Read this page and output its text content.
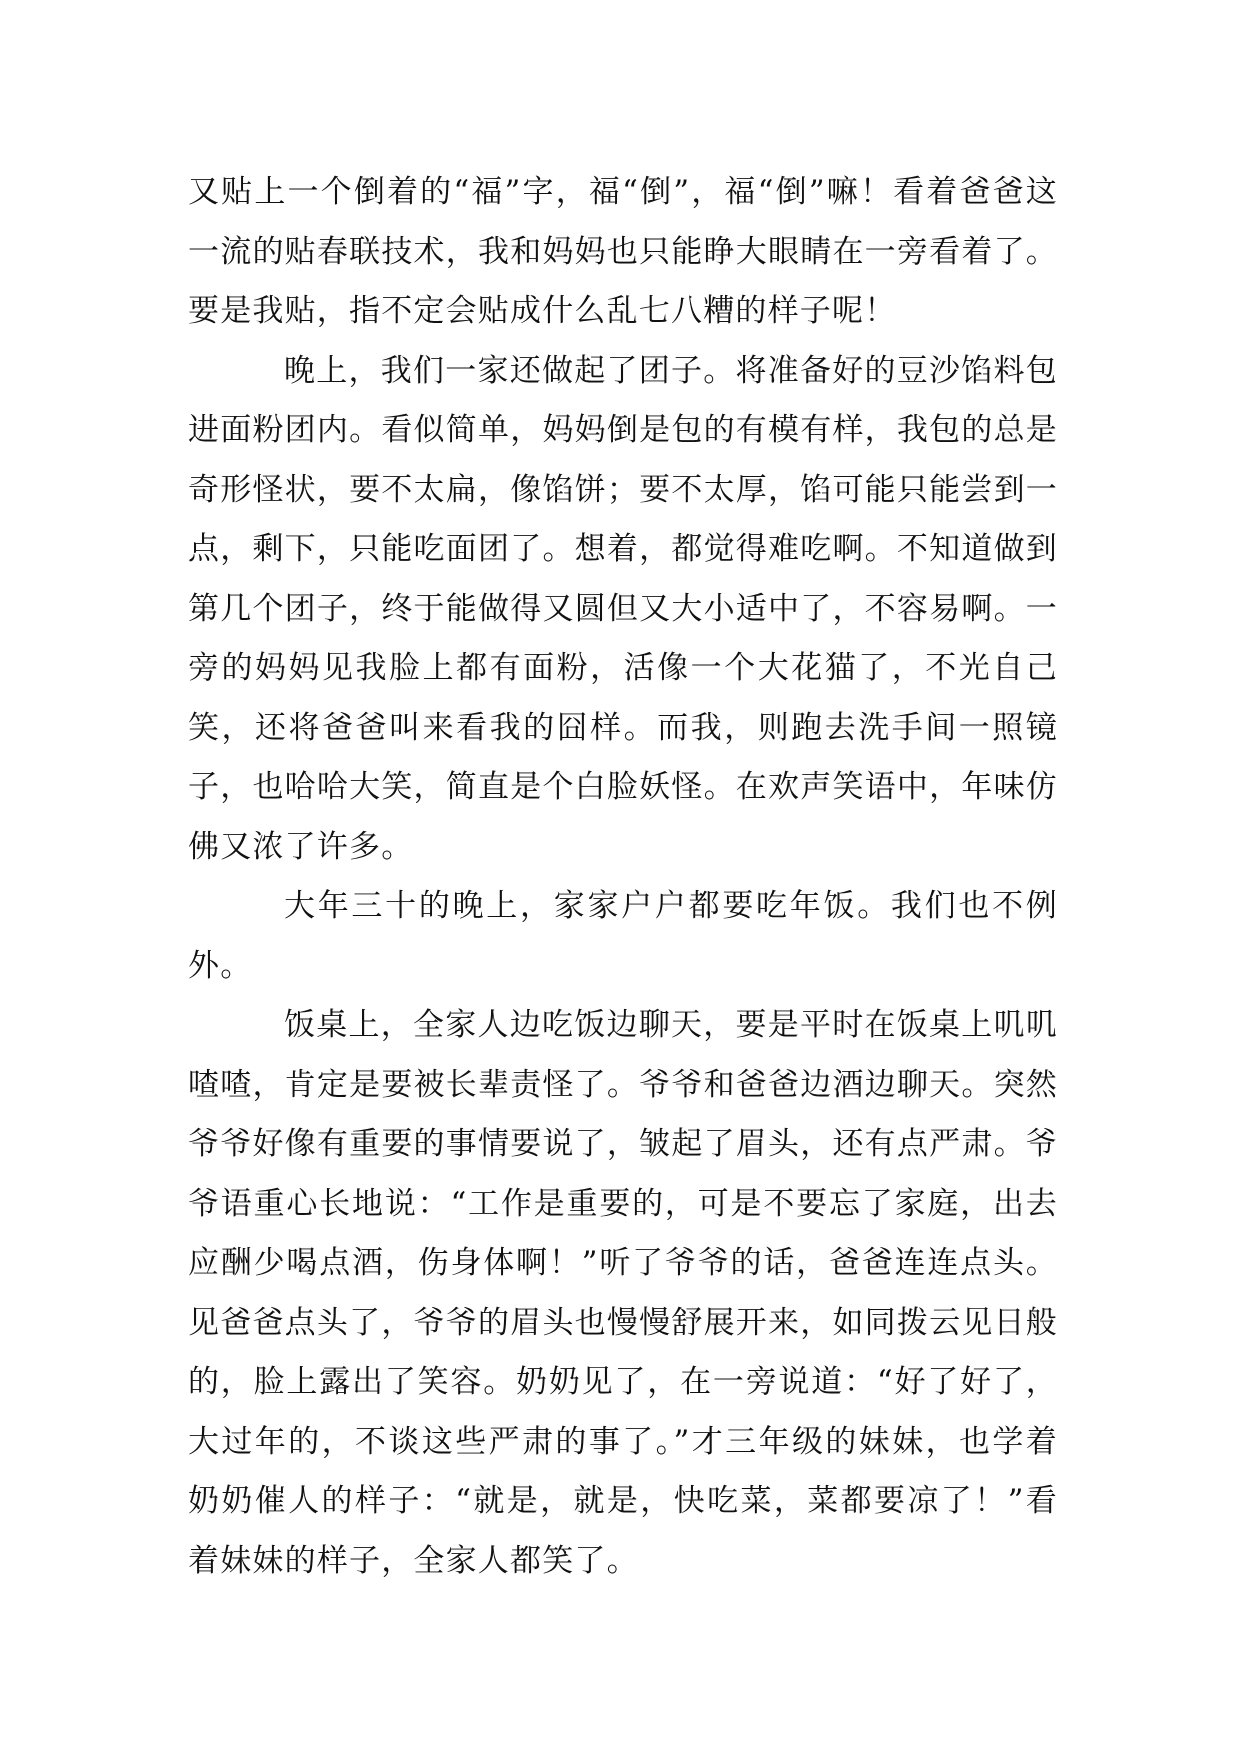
又贴上一个倒着的“福”字，福“倒”，福“倒”嘛！看着爸爸这一流的贴春联技术，我和妈妈也只能睁大眼睛在一旁看着了。要是我贴，指不定会贴成什么乱七八糟的样子呢！

晚上，我们一家还做起了团子。将准备好的豆沙馅料包进面粉团内。看似简单，妈妈倒是包的有模有样，我包的总是奇形怪状，要不太扁，像馅饼；要不太厚，馅可能只能尝到一点，剩下，只能吃面团了。想着，都觉得难吃啊。不知道做到第几个团子，终于能做得又圆但又大小适中了，不容易啊。一旁的妈妈见我脸上都有面粉，活像一个大花猫了，不光自己笑，还将爸爸叫来看我的囧样。而我，则跑去洗手间一照镜子，也哈哈大笑，简直是个白脸妖怪。在欢声笑语中，年味仿佛又浓了许多。

大年三十的晚上，家家户户都要吃年饭。我们也不例外。

饭桌上，全家人边吃饭边聊天，要是平时在饭桌上叽叽喳喳，肯定是要被长辈责怪了。爷爷和爸爸边酒边聊天。突然爷爷好像有重要的事情要说了，皱起了眉头，还有点严肃。爷爷语重心长地说：“工作是重要的，可是不要忘了家庭，出去应酬少喝点酒，伤身体啊！”听了爷爷的话，爸爸连连点头。见爸爸点头了，爷爷的眉头也慢慢舒展开来，如同拨云见日般的，脸上露出了笑容。奶奶见了，在一旁说道：“好了好了，大过年的，不谈这些严肃的事了。”才三年级的妹妹，也学着奶奶催人的样子：“就是，就是，快吃菜，菜都要凉了！”看着妹妹的样子，全家人都笑了。
